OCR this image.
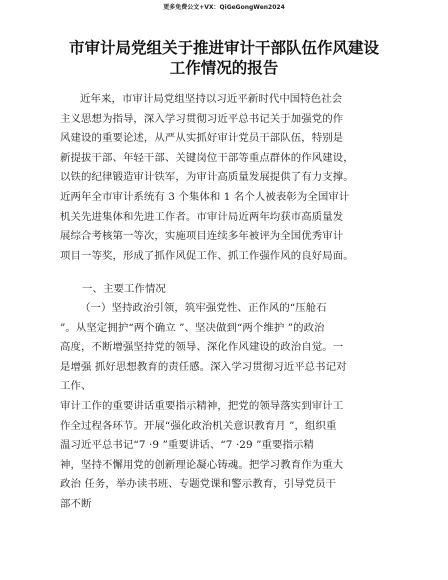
更多免费公文+VX：QiGeGongWen2024
市审计局党组关于推进审计干部队伍作风建设
工作情况的报告
近年来，市审计局党组坚持以习近平新时代中国特色社会
主义思想为指导，深入学习贯彻习近平总书记关于加强党的作
风建设的重要论述，从严从实抓好审计党员干部队伍，特别是
新提拔干部、年轻干部、关键岗位干部等重点群体的作风建设，
以铁的纪律锻造审计铁军，为审计高质量发展提供了有力支撑。
近两年全市审计系统有 3 个集体和 1 名个人被表彰为全国审计
机关先进集体和先进工作者。市审计局近两年均获市高质量发
展综合考核第一等次，实施项目连续多年被评为全国优秀审计
项目一等奖，形成了抓作风促工作、抓工作强作风的良好局面。
一、主要工作情况
（一）坚持政治引领，筑牢强党性、正作风的“压舱石
”。从坚定拥护“两个确立 ”、坚决做到“两个维护 ”的政治
高度，不断增强坚持党的领导、深化作风建设的政治自觉。一
是增强 抓好思想教育的责任感。深入学习贯彻习近平总书记对
工作、
审计工作的重要讲话重要指示精神，把党的领导落实到审计工
作全过程各环节。开展“强化政治机关意识教育月 ”，组织重
温习近平总书记“7 ·9 ”重要讲话、“7 ·29 ”重要指示精
神，坚持不懈用党的创新理论凝心铸魂。把学习教育作为重大
政治 任务，举办读书班、专题党课和警示教育，引导党员干
部不断
